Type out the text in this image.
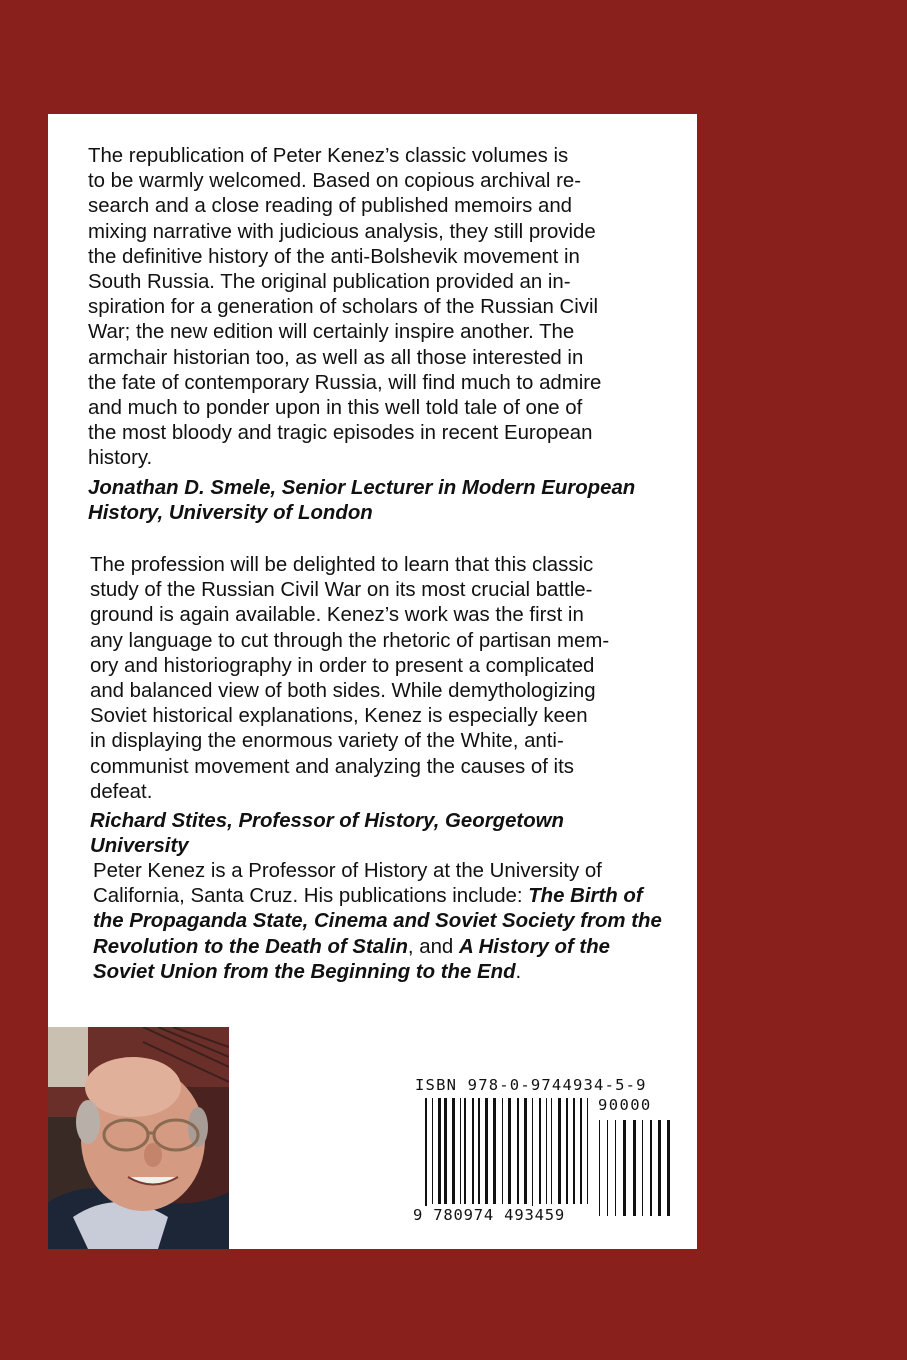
The republication of Peter Kenez’s classic volumes is
to be warmly welcomed. Based on copious archival re-
search and a close reading of published memoirs and
mixing narrative with judicious analysis, they still provide
the definitive history of the anti-Bolshevik movement in
South Russia. The original publication provided an in-
spiration for a generation of scholars of the Russian Civil
War; the new edition will certainly inspire another. The
armchair historian too, as well as all those interested in
the fate of contemporary Russia, will find much to admire
and much to ponder upon in this well told tale of one of
the most bloody and tragic episodes in recent European
history.

Jonathan D. Smele, Senior Lecturer in Modern European
History, University of London

The profession will be delighted to learn that this classic
study of the Russian Civil War on its most crucial battle-
ground is again available. Kenez’s work was the first in
any language to cut through the rhetoric of partisan mem-
ory and historiography in order to present a complicated
and balanced view of both sides. While demythologizing
Soviet historical explanations, Kenez is especially keen
in displaying the enormous variety of the White, anti-
communist movement and analyzing the causes of its
defeat.

Richard Stites, Professor of History, Georgetown University

Peter Kenez is a Professor of History at the University of California, Santa Cruz. His publications include: The Birth of the Propaganda State, Cinema and Soviet Society from the Revolution to the Death of Stalin, and A History of the Soviet Union from the Beginning to the End.

ISBN 978-0-9744934-5-9
90000
9 780974 493459
